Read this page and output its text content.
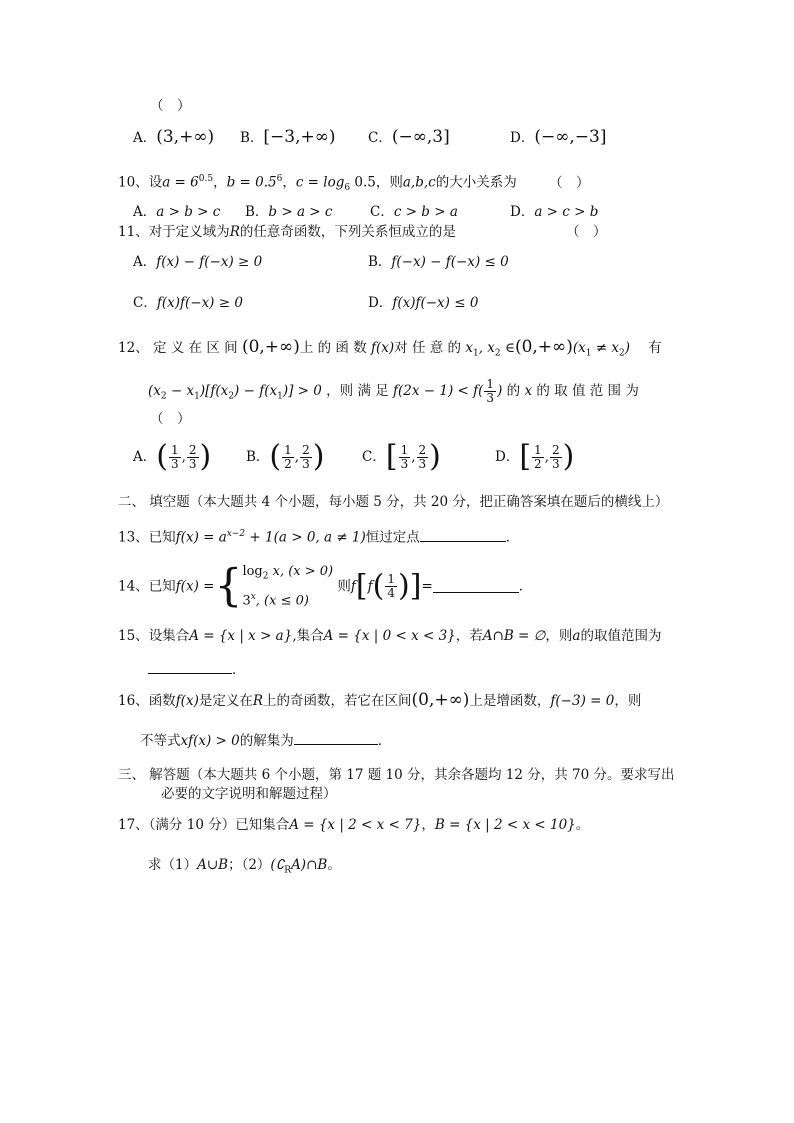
（　）
A．(3,+∞) B．[−3,+∞) C．(−∞,3]	D．(−∞,−3]
10、设$a = 6^{0.5}$，$b = 0.5^6$，$c = \log_6 0.5$，则a,b,c的大小关系为 （　）
A．a > b > c B．b > a > c	C．c > b > a	D．a > c > b
11、对于定义域为R的任意奇函数，下列关系恒成立的是	（　）
A．f(x) − f(−x) ≥ 0	B．f(−x) − f(−x) ≤ 0
C．f(x)f(−x) ≥ 0	D．f(x)f(−x) ≤ 0
12、 定 义 在 区 间 (0,+∞)上 的 函 数 f(x)对 任 意 的 $x_1$, $x_2$ $\in(0,+\infty)(x_1 \ne x_2)$ 有
$(x_2 - x_1)[f(x_2) - f(x_1)] > 0$ ，则 满 足 $f(2x - 1) < f( \frac{1}{3}$ ) 的 x 的 取 值 范 围 为
（　）
A．( $\frac{1}{3}$ , $\frac{2}{3}$ )	B．( $\frac{1}{2}$ , $\frac{2}{3}$ )	C．[ $\frac{1}{3}$ , $\frac{2}{3}$ )	D．[ $\frac{1}{2}$ , $\frac{2}{3}$ )
二、 填空题（本大题共 4 个小题，每小题 5 分，共 20 分，把正确答案填在题后的横线上）
13、已知$f(x) = a^{x-2} + 1(a > 0$, a ≠ 1)恒过定点	．
14、已知f(x) ={ $\log_2 x$, (x > 0)
3$^x$, (x ≤ 0)
则$f[f( \frac{1}{4}$ )]=	．
15、设集合A = {x | x > a},集合A = {x | 0 < x < 3}，若A∩B = ∅，则a的取值范围为
．
16、函数f(x)是定义在R上的奇函数，若它在区间(0,+∞)上是增函数，f(−3) = 0，则
不等式xf(x) > 0的解集为	．
三、 解答题（本大题共 6 个小题，第 17 题 10 分，其余各题均 12 分，共 70 分。要求写出
必要的文字说明和解题过程）
17、（满分 10 分）已知集合A = {x | 2 < x < 7}，B = {x | 2 < x < 10}。
求（1）A∪B；$(2)(∁_RA)\cap B$。
